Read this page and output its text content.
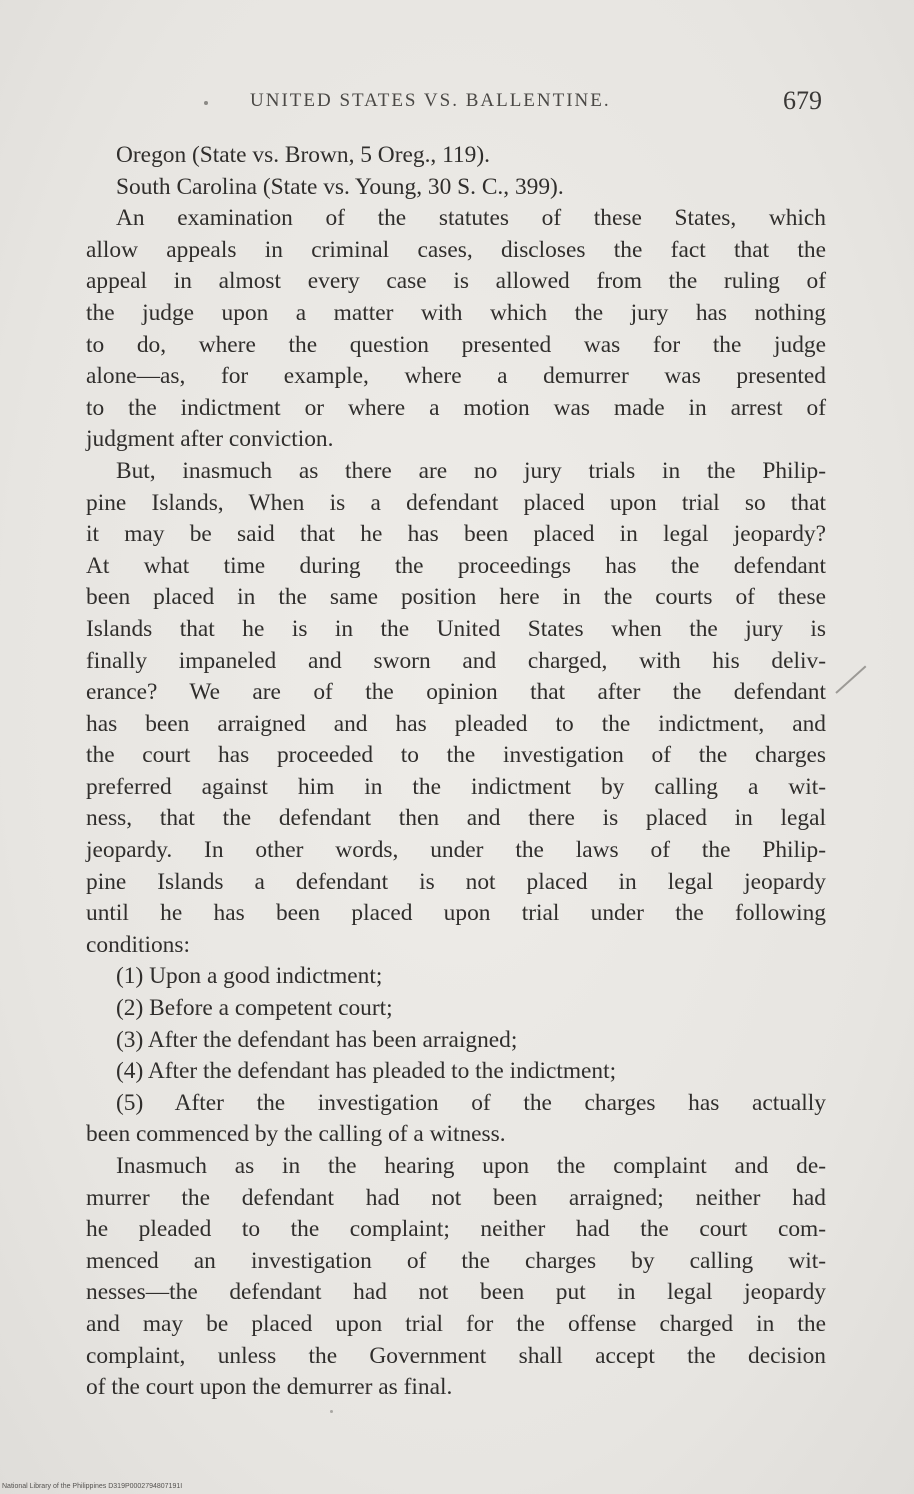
UNITED STATES VS. BALLENTINE.	679
Oregon (State vs. Brown, 5 Oreg., 119).
South Carolina (State vs. Young, 30 S. C., 399).
An examination of the statutes of these States, which
allow appeals in criminal cases, discloses the fact that the
appeal in almost every case is allowed from the ruling of
the judge upon a matter with which the jury has nothing
to do, where the question presented was for the judge
alone—as, for example, where a demurrer was presented
to the indictment or where a motion was made in arrest of
judgment after conviction.
But, inasmuch as there are no jury trials in the Philip-
pine Islands, When is a defendant placed upon trial so that
it may be said that he has been placed in legal jeopardy?
At what time during the proceedings has the defendant
been placed in the same position here in the courts of these
Islands that he is in the United States when the jury is
finally impaneled and sworn and charged, with his deliv-
erance? We are of the opinion that after the defendant
has been arraigned and has pleaded to the indictment, and
the court has proceeded to the investigation of the charges
preferred against him in the indictment by calling a wit-
ness, that the defendant then and there is placed in legal
jeopardy. In other words, under the laws of the Philip-
pine Islands a defendant is not placed in legal jeopardy
until he has been placed upon trial under the following
conditions:
(1) Upon a good indictment;
(2) Before a competent court;
(3) After the defendant has been arraigned;
(4) After the defendant has pleaded to the indictment;
(5) After the investigation of the charges has actually
been commenced by the calling of a witness.
Inasmuch as in the hearing upon the complaint and de-
murrer the defendant had not been arraigned; neither had
he pleaded to the complaint; neither had the court com-
menced an investigation of the charges by calling wit-
nesses—the defendant had not been put in legal jeopardy
and may be placed upon trial for the offense charged in the
complaint, unless the Government shall accept the decision
of the court upon the demurrer as final.
National Library of the Philippines D319P0002794807191I
